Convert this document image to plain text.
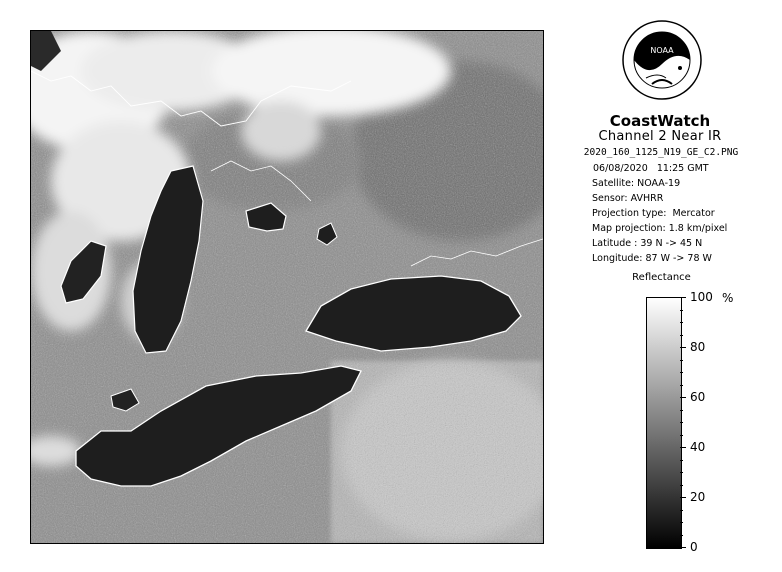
NOAA
CoastWatch
Channel 2 Near IR
2020_160_1125_N19_GE_C2.PNG
06/08/2020   11:25 GMT
Satellite: NOAA-19
Sensor: AVHRR
Projection type:  Mercator
Map projection: 1.8 km/pixel
Latitude : 39 N -> 45 N
Longitude: 87 W -> 78 W
Reflectance
%
100
80
60
40
20
0
